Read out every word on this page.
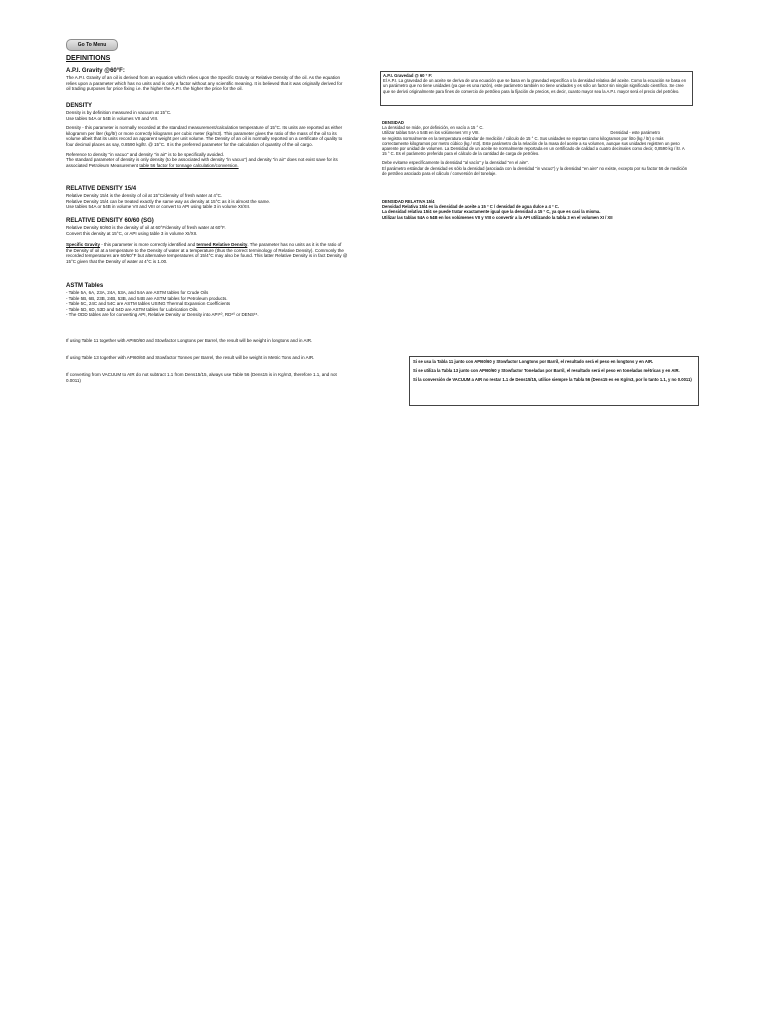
Go To Menu
DEFINITIONS

A.P.I. Gravity @60°F:

The A.P.I. Gravity of an oil is derived from an equation which relies upon the Specific Gravity or Relative Density of the oil. As the equation relies upon a parameter which has no units and is only a factor without any scientific meaning. It is believed that it was originally derived for oil trading purposes for price fixing i.e. the higher the A.P.I. the higher the price for the oil.

DENSITY

Density is by definition measured in vacuum at 15°C.

Use tables 54A or 54B in volumes VII and VIII.

Density - this parameter is normally recorded at the standard measurement/calculation temperature of 15°C. Its units are reported as either kilogramm per liter (kg/ltr) or more correctly kilograms per cubic meter (kg/m3). This parameter gives the ratio of the mass of the oil to its volume albeit that its units record an apparent weight per unit volume. The Density of an oil is normally reported on a certificate of quality to four decimal places as say, 0.8590 kg/ltr. @ 15°C. It is the preferred parameter for the calculation of quantity of the oil cargo.

Reference to density "in vacuo" and density "in air" is to be specifically avoided.

The standard parameter of density is only density (to be associated with density "in vacuo") and density "in air" does not exist save for its associated Petroleum Measurement table 56 factor for tonnage calculation/conversion.

RELATIVE DENSITY 15/4

Relative Density 15/4 is the density of oil at 15°C/density of fresh water at 4°C.

Relative Density 15/4 can be treated exactly the same way as density at 15°C as it is almost the same.

Use tables 54A or 54B in volume VII and VIII or convert to API using table 3 in volume XI/XII.

RELATIVE DENSITY 60/60 (SG)

Relative Density 60/60 is the density of oil at 60°F/density of fresh water at 60°F.

Convert this density at 15°C, or API using table 3 in volume XI/XII.

Specific Gravity - this parameter is more correctly identified and termed Relative Density. The parameter has no units as it is the ratio of the Density of oil at a temperature to the Density of water at a temperature (thus the correct terminology of Relative Density). Commonly the recorded temperatures are 60/60°F but alternative temperatures of 15/4°C may also be found. This latter Relative Density is in fact Density @ 15°C given that the Density of water at 4°C is 1.00.

ASTM Tables

- Table 5A, 6A, 23A, 24A, 53A, and 54A are ASTM tables for Crude Oils

- Table 5B, 6B, 23B, 24B, 53B, and 54B are ASTM tables for Petroleum products.

- Table 5C, 24C and 54C are ASTM tables USING Thermal Expansion Coefficients

- Table 5D, 6D, 53D and 54D are ASTM tables for Lubrication Oils.

- The ODD tables are for converting API, Relative Density or Density into API⁶⁰, RD⁶⁰ or DENS¹⁵.

If using Table 11 together with API60/60 and Stowfactor Longtons per Barrel, the result will be weight in longtons and in AIR.

If using Table 13 together with API60/60 and Stowfactor Tonnes per Barrel, the result will be weight in Metric Tons and in AIR.

If converting from VACUUM to AIR do not subtract 1.1 from Dens15/15, always use Table 56 (Dens15 is in Kg/m3, therefore 1.1, and not 0.0011)

A.P.I. Gravedad @ 60 ° F:

El A.P.I. La gravedad de un aceite se deriva de una ecuación que se basa en la gravedad específica o la densidad relativa del aceite. Como la ecuación se basa en un parámetro que no tiene unidades (ya que es una razón), este parámetro también no tiene unidades y es sólo un factor sin ningún significado científico. Se cree que se derivó originalmente para fines de comercio de petróleo para la fijación de precios, es decir, cuanto mayor sea la A.P.I. mayor será el precio del petróleo.

DENSIDAD

La densidad se mide, por definición, en vacío a 15 ° C.

Utilizar tablas 54A o 54B en los volúmenes VII y VIII.	Densidad - este parámetro

se registra normalmente en la temperatura estándar de medición / cálculo de 15 ° C. Sus unidades se reportan como kilogramos por litro (kg / ltr) o más correctamente kilogramos por metro cúbico (kg / m3). Este parámetro da la relación de la masa del aceite a su volumen, aunque sus unidades registren un peso aparente por unidad de volumen. La Densidad de un aceite se normalmente reportada en un certificado de calidad a cuatro decimales como decir, 0,8590 kg / ltr. A 15 ° C. Es el parámetro preferido para el cálculo de la cantidad de carga de petróleo.

Debe evitarse específicamente la densidad "al vacío" y la densidad "en el aire".

El parámetro estándar de densidad es sólo la densidad (asociada con la densidad "in vacuo") y la densidad "en aire" no existe, excepto por su factor 56 de medición de petróleo asociado para el cálculo / conversión del tonelaje.

DENSIDAD RELATIVA 15/4

Densidad Relativa 15/4 es la densidad de aceite a 15 ° C / densidad de agua dulce a 4 ° C.

La densidad relativa 15/4 se puede tratar exactamente igual que la densidad a 15 ° C, ya que es casi la misma.

Utilizar las tablas 54A o 54B en los volúmenes VII y VIII o convertir a la API utilizando la tabla 3 en el volumen XI / XII

Si se usa la Tabla 11 junto con API60/60 y Stowfactor Longtons por Barril, el resultado será el peso en longtons y en AIR.

Si se utiliza la Tabla 13 junto con API60/60 y Stowfactor Toneladas por Barril, el resultado será el peso en toneladas métricas y en AIR.

Si la conversión de VACUUM a AIR no restar 1.1 de Dens15/15, utilice siempre la Tabla 56 (Dens15 es en Kg/m3, por lo tanto 1.1, y no 0.0011)
